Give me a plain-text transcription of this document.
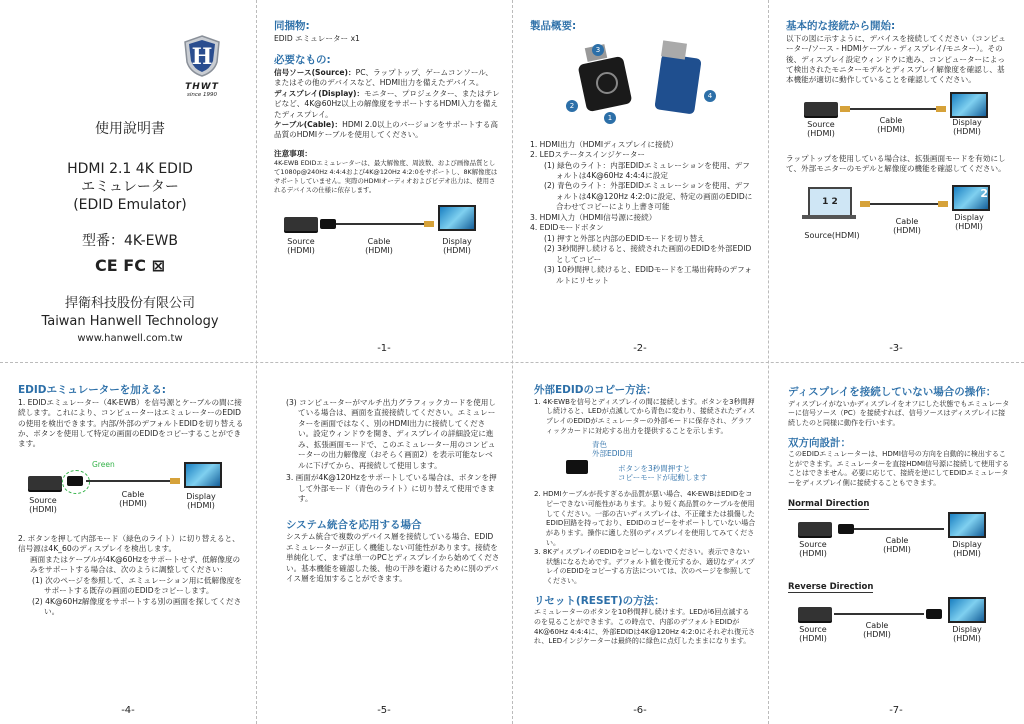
H
THWT
since 1990
使用說明書
HDMI 2.1 4K EDID
エミュレーター
(EDID Emulator)
型番：4K-EWB
CE FC ⊠
捍衛科技股份有限公司
Taiwan Hanwell Technology
www.hanwell.com.tw
同捆物:

EDID エミュレーター x1

必要なもの:

信号ソース(Source)：PC、ラップトップ、ゲームコンソール、またはその他のデバイスなど、HDMI出力を備えたデバイス。

ディスプレイ(Display)：モニター、プロジェクター、またはテレビなど、4K@60Hz以上の解像度をサポートするHDMI入力を備えたディスプレイ。

ケーブル(Cable)：HDMI 2.0以上のバージョンをサポートする高品質のHDMIケーブルを使用してください。

注意事項：

4K-EWB EDIDエミュレーターは、最大解像度、周波数、および画像品質として1080p@240Hz 4:4:4および4K@120Hz 4:2:0をサポートし、8K解像度はサポートしていません。実際のHDMIオーディオおよびビデオ出力は、使用されるデバイスの仕様に依存します。

Source
(HDMI)
Cable
(HDMI)
Display
(HDMI)
-1-
製品概要:
3
2
1
4
1. HDMI出力（HDMIディスプレイに接続）
2. LEDステータスインジケーター
(1) 緑色のライト：内部EDIDエミュレーションを使用、デフォルトは4K@60Hz 4:4:4に設定
(2) 青色のライト：外部EDIDエミュレーションを使用、デフォルトは4K@120Hz 4:2:0に設定、特定の画面のEDIDに合わせてコピーにより上書き可能
3. HDMI入力（HDMI信号源に接続）
4. EDIDモードボタン
(1) 押すと外部と内部のEDIDモードを切り替え
(2) 3秒間押し続けると、接続された画面のEDIDを外部EDIDとしてコピー
(3) 10秒間押し続けると、EDIDモードを工場出荷時のデフォルトにリセット
-2-
基本的な接続から開始:

以下の図に示すように、デバイスを接続してください（コンピューター/ソース - HDMIケーブル - ディスプレイ/モニター）。その後、ディスプレイ設定ウィンドウに進み、コンピューターによって検出されたモニターモデルとディスプレイ解像度を確認し、基本機能が適切に動作していることを確認してください。

Source
(HDMI)
Cable
(HDMI)
Display
(HDMI)

ラップトップを使用している場合は、拡張画面モードを有効にして、外部モニターのモデルと解像度の機能を確認してください。

1 2
2
Source(HDMI)
Cable
(HDMI)
Display
(HDMI)
-3-
EDIDエミュレーターを加える:

1. EDIDエミュレーター（4K-EWB）を信号源とケーブルの間に接続します。これにより、コンピューターはエミュレーターのEDIDの使用を検出できます。内部/外部のデフォルトEDIDを切り替えるか、ボタンを使用して特定の画面のEDIDをコピーすることができます。

Green
Source
(HDMI)
Cable
(HDMI)
Display
(HDMI)

2. ボタンを押して内部モード（緑色のライト）に切り替えると、信号源は4K_60のディスプレイを検出します。

画面またはケーブルが4K@60Hzをサポートせず、低解像度のみをサポートする場合は、次のように調整してください：

(1) 次のページを参照して、エミュレーション用に低解像度をサポートする既存の画面のEDIDをコピーします。
(2) 4K@60Hz解像度をサポートする別の画面を探してください。
-4-
(3) コンピューターがマルチ出力グラフィックカードを使用している場合は、画面を直接接続してください。エミュレーターを画面ではなく、別のHDMI出力に接続してください。設定ウィンドウを開き、ディスプレイの詳細設定に進み、拡張画面モードで、このエミュレーター用のコンピューターの出力解像度（おそらく画面2）を表示可能なレベルに下げてから、再接続して使用します。
3. 画面が4K@120Hzをサポートしている場合は、ボタンを押して外部モード（青色のライト）に切り替えて使用できます。
システム統合を応用する場合

システム統合で複数のデバイス層を接続している場合、EDIDエミュレーターが正しく機能しない可能性があります。接続を単純化して、まずは単一のPCとディスプレイから始めてください。基本機能を確認した後、他の干渉を避けるために別のデバイス層を追加することができます。

-5-
外部EDIDのコピー方法：
1. 4K-EWBを信号とディスプレイの間に接続します。ボタンを3秒間押し続けると、LEDが点滅してから青色に変わり、接続されたディスプレイのEDIDがエミュレーターの外部モードに保存され、グラフィックカードに対応する出力を提供することを示します。
青色
外部EDID用
ボタンを3秒間押すと
コピーモードが起動します
2. HDMIケーブルが長すぎるか品質が悪い場合、4K-EWBはEDIDをコピーできない可能性があります。より短く高品質のケーブルを使用してください。一部の古いディスプレイは、不正確または損傷したEDID回路を持っており、EDIDのコピーをサポートしていない場合があります。操作に適した別のディスプレイを使用してみてください。
3. 8KディスプレイのEDIDをコピーしないでください。表示できない状態になるためです。デフォルト値を復元するか、適切なディスプレイのEDIDをコピーする方法については、次のページを参照してください。
リセット(RESET)の方法：

エミュレーターのボタンを10秒間押し続けます。LEDが6回点滅するのを見ることができます。この時点で、内部のデフォルトEDIDが4K@60Hz 4:4:4に、外部EDIDは4K@120Hz 4:2:0にそれぞれ復元され、LEDインジケーターは最終的に緑色に点灯したままになります。

-6-
ディスプレイを接続していない場合の操作：

ディスプレイがないかディスプレイをオフにした状態でもエミュレーターに信号ソース（PC）を接続すれば、信号ソースはディスプレイに接続したのと同様に動作を行います。

双方向設計：

このEDIDエミュレーターは、HDMI信号の方向を自動的に検出することができます。エミュレーターを直接HDMI信号源に接続して使用することはできません。必要に応じて、接続を逆にしてEDIDエミュレーターをディスプレイ側に接続することもできます。

Normal Direction
Source
(HDMI)
Cable
(HDMI)
Display
(HDMI)
Reverse Direction
Source
(HDMI)
Cable
(HDMI)
Display
(HDMI)
-7-
